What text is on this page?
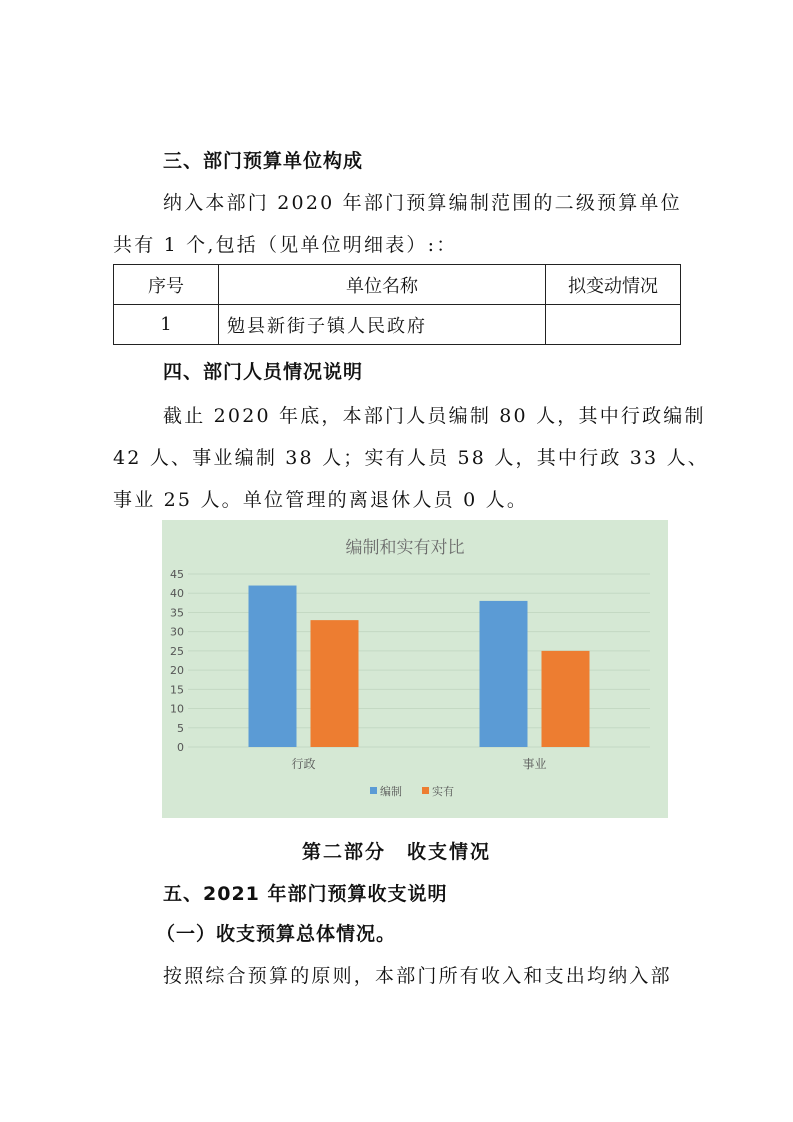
三、部门预算单位构成
纳入本部门 2020 年部门预算编制范围的二级预算单位
共有 1 个,包括（见单位明细表）:：
序号	单位名称	拟变动情况
1	勉县新街子镇人民政府	
四、部门人员情况说明
截止 2020 年底，本部门人员编制 80 人，其中行政编制
42 人、事业编制 38 人；实有人员 58 人，其中行政 33 人、
事业 25 人。单位管理的离退休人员 0 人。
编制和实有对比
45
40
35
30
25
20
15
10
5
0
行政	事业
编制	实有
第二部分　收支情况
五、2021 年部门预算收支说明
（一）收支预算总体情况。
按照综合预算的原则，本部门所有收入和支出均纳入部
